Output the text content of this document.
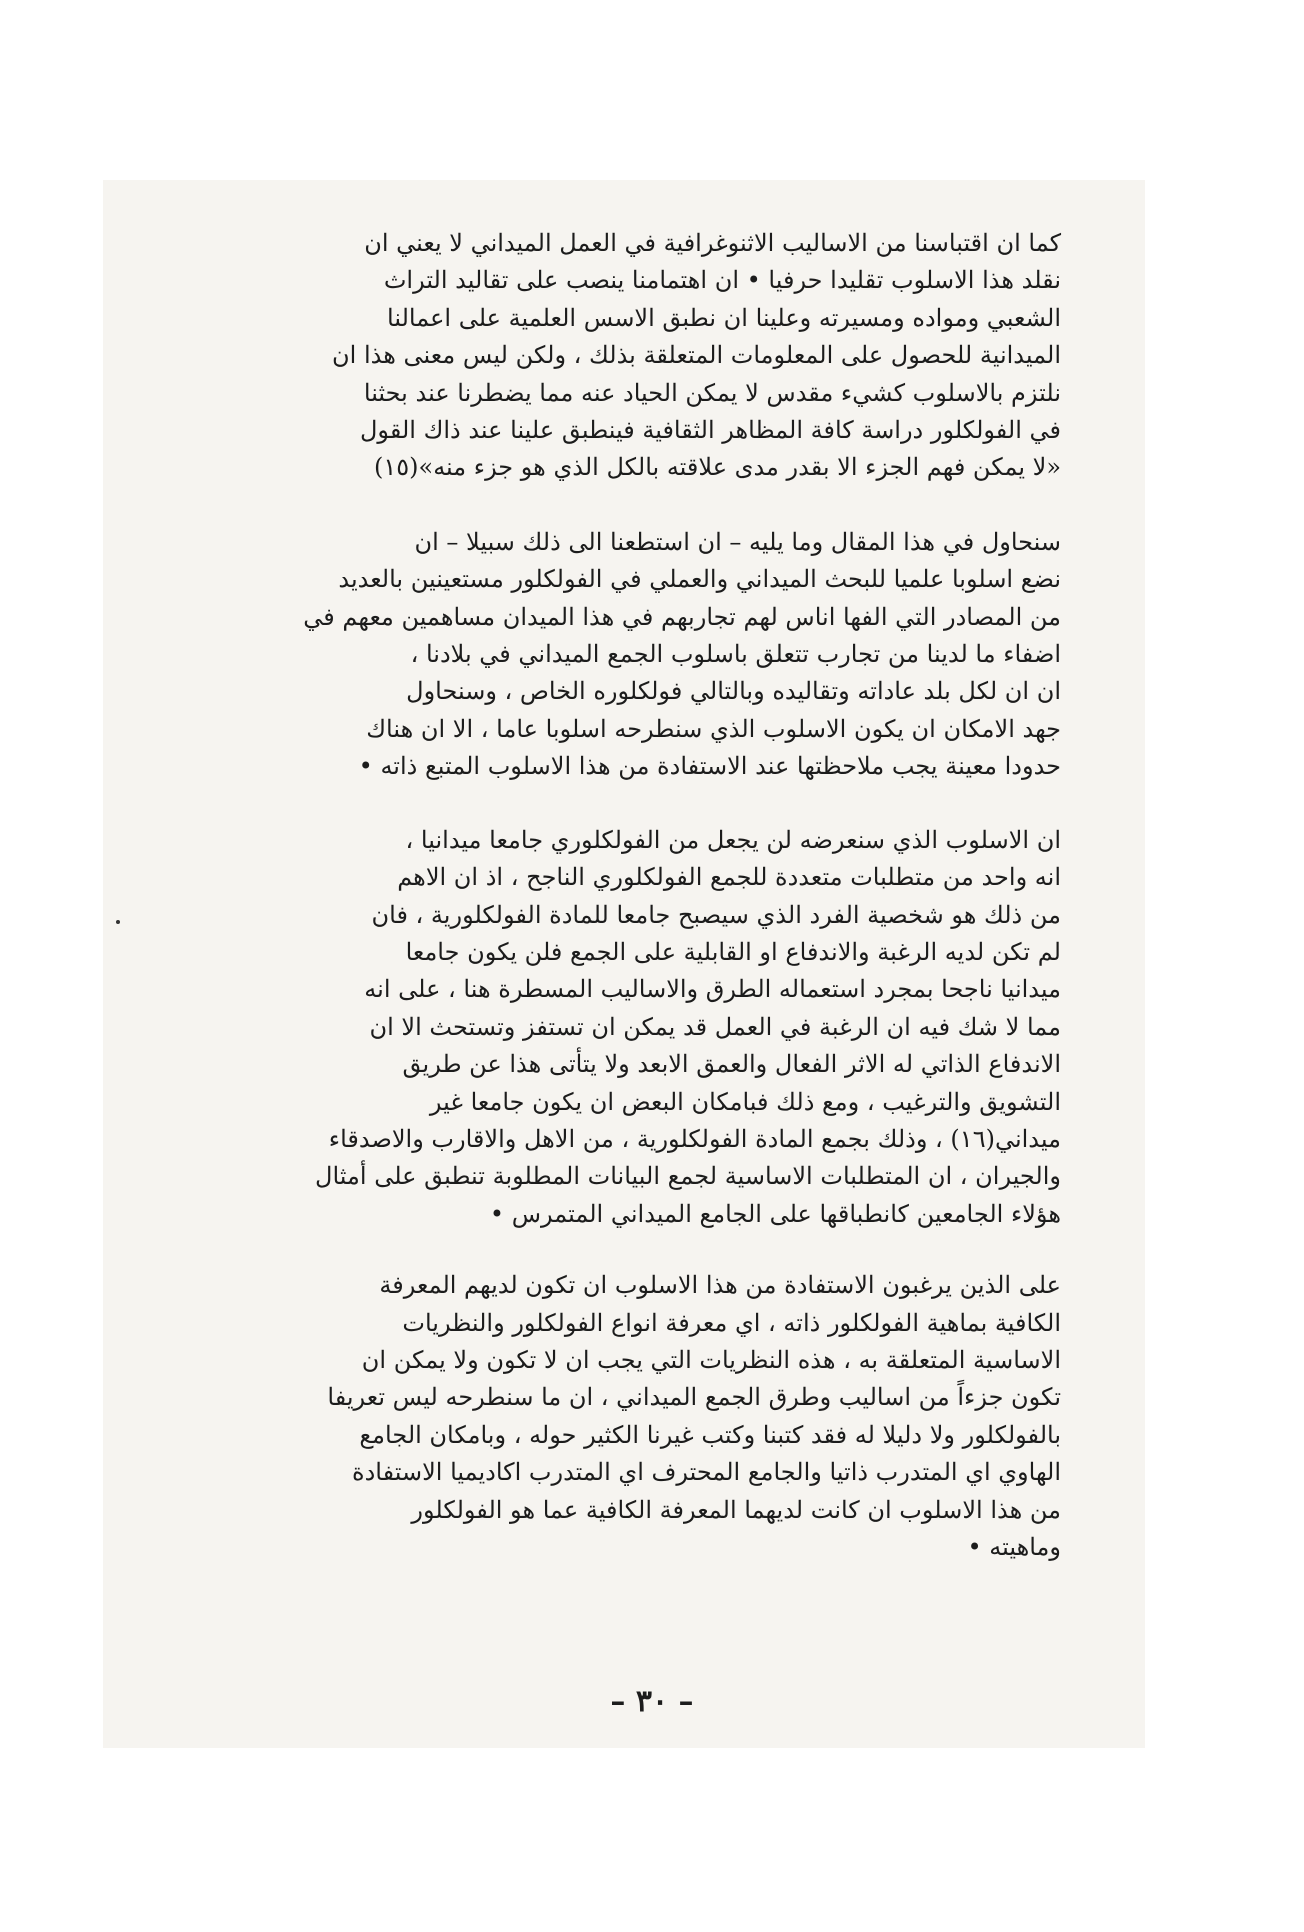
كما ان اقتباسنا من الاساليب الاثنوغرافية في العمل الميداني لا يعني ان
نقلد هذا الاسلوب تقليدا حرفيا • ان اهتمامنا ينصب على تقاليد التراث
الشعبي ومواده ومسيرته وعلينا ان نطبق الاسس العلمية على اعمالنا
الميدانية للحصول على المعلومات المتعلقة بذلك ، ولكن ليس معنى هذا ان
نلتزم بالاسلوب كشيء مقدس لا يمكن الحياد عنه مما يضطرنا عند بحثنا
في الفولكلور دراسة كافة المظاهر الثقافية فينطبق علينا عند ذاك القول
«لا يمكن فهم الجزء الا بقدر مدى علاقته بالكل الذي هو جزء منه»(١٥)

سنحاول في هذا المقال وما يليه – ان استطعنا الى ذلك سبيلا – ان
نضع اسلوبا علميا للبحث الميداني والعملي في الفولكلور مستعينين بالعديد
من المصادر التي الفها اناس لهم تجاربهم في هذا الميدان مساهمين معهم في
اضفاء ما لدينا من تجارب تتعلق باسلوب الجمع الميداني في بلادنا ،
ان ان لكل بلد عاداته وتقاليده وبالتالي فولكلوره الخاص ، وسنحاول
جهد الامكان ان يكون الاسلوب الذي سنطرحه اسلوبا عاما ، الا ان هناك
حدودا معينة يجب ملاحظتها عند الاستفادة من هذا الاسلوب المتبع ذاته •

ان الاسلوب الذي سنعرضه لن يجعل من الفولكلوري جامعا ميدانيا ،
انه واحد من متطلبات متعددة للجمع الفولكلوري الناجح ، اذ ان الاهم
من ذلك هو شخصية الفرد الذي سيصبح جامعا للمادة الفولكلورية ، فان
لم تكن لديه الرغبة والاندفاع او القابلية على الجمع فلن يكون جامعا
ميدانيا ناجحا بمجرد استعماله الطرق والاساليب المسطرة هنا ، على انه
مما لا شك فيه ان الرغبة في العمل قد يمكن ان تستفز وتستحث الا ان
الاندفاع الذاتي له الاثر الفعال والعمق الابعد ولا يتأتى هذا عن طريق
التشويق والترغيب ، ومع ذلك فبامكان البعض ان يكون جامعا غير
ميداني(١٦) ، وذلك بجمع المادة الفولكلورية ، من الاهل والاقارب والاصدقاء
والجيران ، ان المتطلبات الاساسية لجمع البيانات المطلوبة تنطبق على أمثال
هؤلاء الجامعين كانطباقها على الجامع الميداني المتمرس •

على الذين يرغبون الاستفادة من هذا الاسلوب ان تكون لديهم المعرفة
الكافية بماهية الفولكلور ذاته ، اي معرفة انواع الفولكلور والنظريات
الاساسية المتعلقة به ، هذه النظريات التي يجب ان لا تكون ولا يمكن ان
تكون جزءاً من اساليب وطرق الجمع الميداني ، ان ما سنطرحه ليس تعريفا
بالفولكلور ولا دليلا له فقد كتبنا وكتب غيرنا الكثير حوله ، وبامكان الجامع
الهاوي اي المتدرب ذاتيا والجامع المحترف اي المتدرب اكاديميا الاستفادة
من هذا الاسلوب ان كانت لديهما المعرفة الكافية عما هو الفولكلور
وماهيته •

– ٣٠ –
